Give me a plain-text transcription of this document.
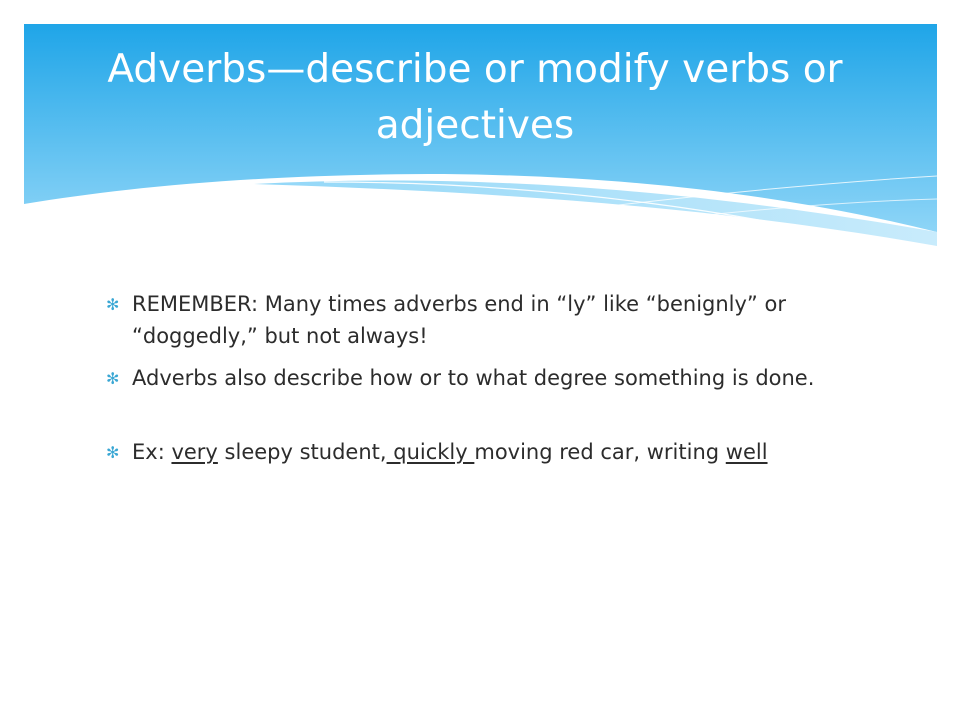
Adverbs—describe or modify verbs or adjectives
✻ REMEMBER: Many times adverbs end in “ly” like “benignly” or “doggedly,” but not always!
✻ Adverbs also describe how or to what degree something is done.
✻ Ex: very sleepy student, quickly moving red car, writing well
